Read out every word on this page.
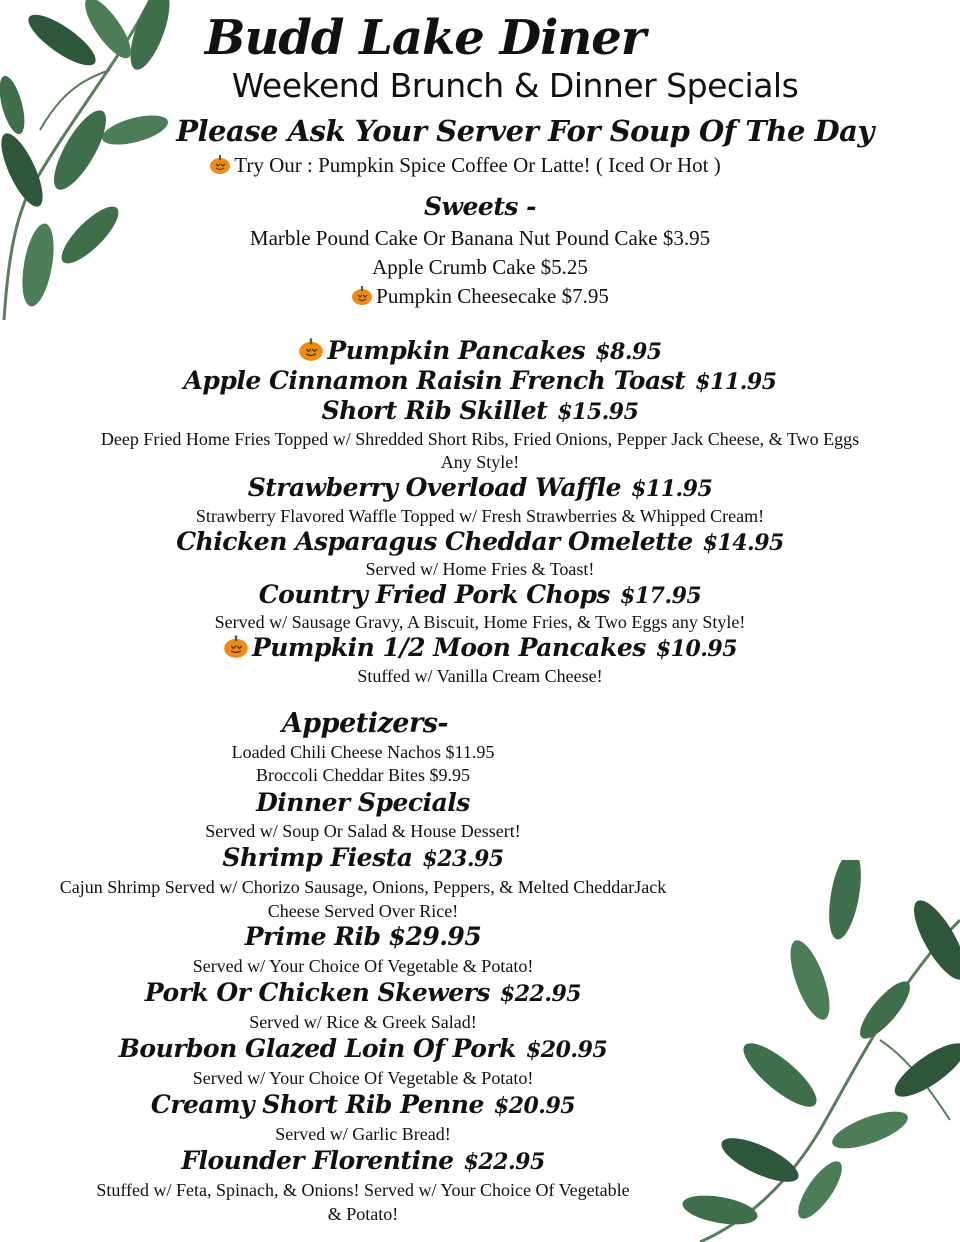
Budd Lake Diner
Weekend Brunch & Dinner Specials
Please Ask Your Server For Soup Of The Day
Try Our : Pumpkin Spice Coffee Or Latte! ( Iced Or Hot )
Sweets -
Marble Pound Cake Or Banana Nut Pound Cake $3.95
Apple Crumb Cake $5.25
Pumpkin Cheesecake $7.95
Pumpkin Pancakes $8.95
Apple Cinnamon Raisin French Toast $11.95
Short Rib Skillet $15.95
Deep Fried Home Fries Topped w/ Shredded Short Ribs, Fried Onions, Pepper Jack Cheese, & Two Eggs
Any Style!
Strawberry Overload Waffle $11.95
Strawberry Flavored Waffle Topped w/ Fresh Strawberries & Whipped Cream!
Chicken Asparagus Cheddar Omelette $14.95
Served w/ Home Fries & Toast!
Country Fried Pork Chops $17.95
Served w/ Sausage Gravy, A Biscuit, Home Fries, & Two Eggs any Style!
Pumpkin 1/2 Moon Pancakes $10.95
Stuffed w/ Vanilla Cream Cheese!
Appetizers-
Loaded Chili Cheese Nachos $11.95
Broccoli Cheddar Bites $9.95
Dinner Specials
Served w/ Soup Or Salad & House Dessert!
Shrimp Fiesta $23.95
Cajun Shrimp Served w/ Chorizo Sausage, Onions, Peppers, & Melted CheddarJack
Cheese Served Over Rice!
Prime Rib $29.95
Served w/ Your Choice Of Vegetable & Potato!
Pork Or Chicken Skewers $22.95
Served w/ Rice & Greek Salad!
Bourbon Glazed Loin Of Pork $20.95
Served w/ Your Choice Of Vegetable & Potato!
Creamy Short Rib Penne $20.95
Served w/ Garlic Bread!
Flounder Florentine $22.95
Stuffed w/ Feta, Spinach, & Onions! Served w/ Your Choice Of Vegetable
& Potato!
